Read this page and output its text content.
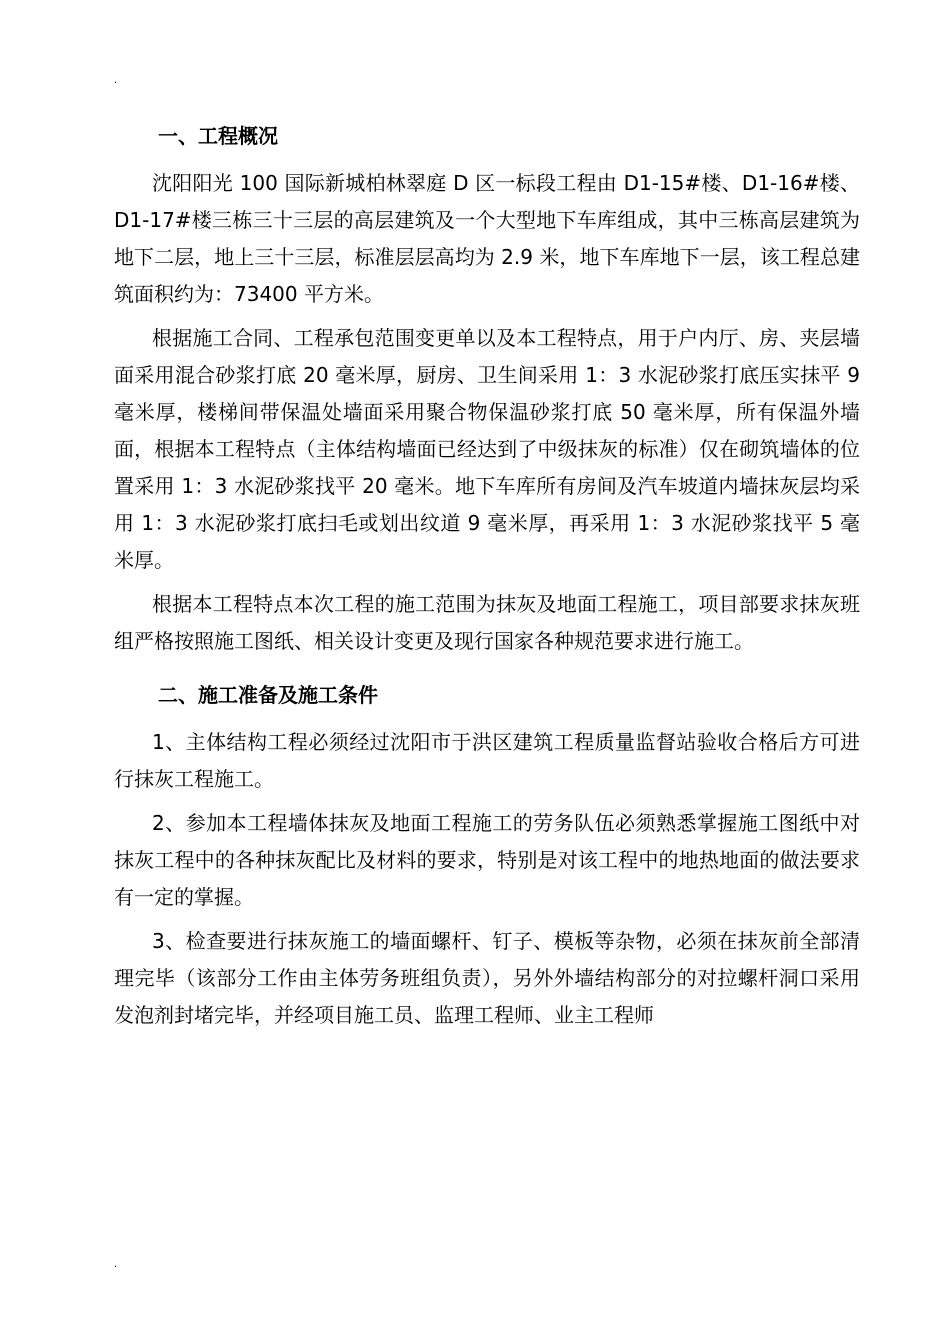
.
一、工程概况

沈阳阳光 100 国际新城柏林翠庭 D 区一标段工程由 D1-15#楼、D1-16#楼、D1-17#楼三栋三十三层的高层建筑及一个大型地下车库组成，其中三栋高层建筑为地下二层，地上三十三层，标准层层高均为 2.9 米，地下车库地下一层，该工程总建筑面积约为：73400 平方米。

根据施工合同、工程承包范围变更单以及本工程特点，用于户内厅、房、夹层墙面采用混合砂浆打底 20 毫米厚，厨房、卫生间采用 1：3 水泥砂浆打底压实抹平 9 毫米厚，楼梯间带保温处墙面采用聚合物保温砂浆打底 50 毫米厚，所有保温外墙面，根据本工程特点（主体结构墙面已经达到了中级抹灰的标准）仅在砌筑墙体的位置采用 1：3 水泥砂浆找平 20 毫米。地下车库所有房间及汽车坡道内墙抹灰层均采用 1：3 水泥砂浆打底扫毛或划出纹道 9 毫米厚，再采用 1：3 水泥砂浆找平 5 毫米厚。

根据本工程特点本次工程的施工范围为抹灰及地面工程施工，项目部要求抹灰班组严格按照施工图纸、相关设计变更及现行国家各种规范要求进行施工。

二、施工准备及施工条件

1、主体结构工程必须经过沈阳市于洪区建筑工程质量监督站验收合格后方可进行抹灰工程施工。

2、参加本工程墙体抹灰及地面工程施工的劳务队伍必须熟悉掌握施工图纸中对抹灰工程中的各种抹灰配比及材料的要求，特别是对该工程中的地热地面的做法要求有一定的掌握。

3、检查要进行抹灰施工的墙面螺杆、钉子、模板等杂物，必须在抹灰前全部清理完毕（该部分工作由主体劳务班组负责），另外外墙结构部分的对拉螺杆洞口采用发泡剂封堵完毕，并经项目施工员、监理工程师、业主工程师

.
